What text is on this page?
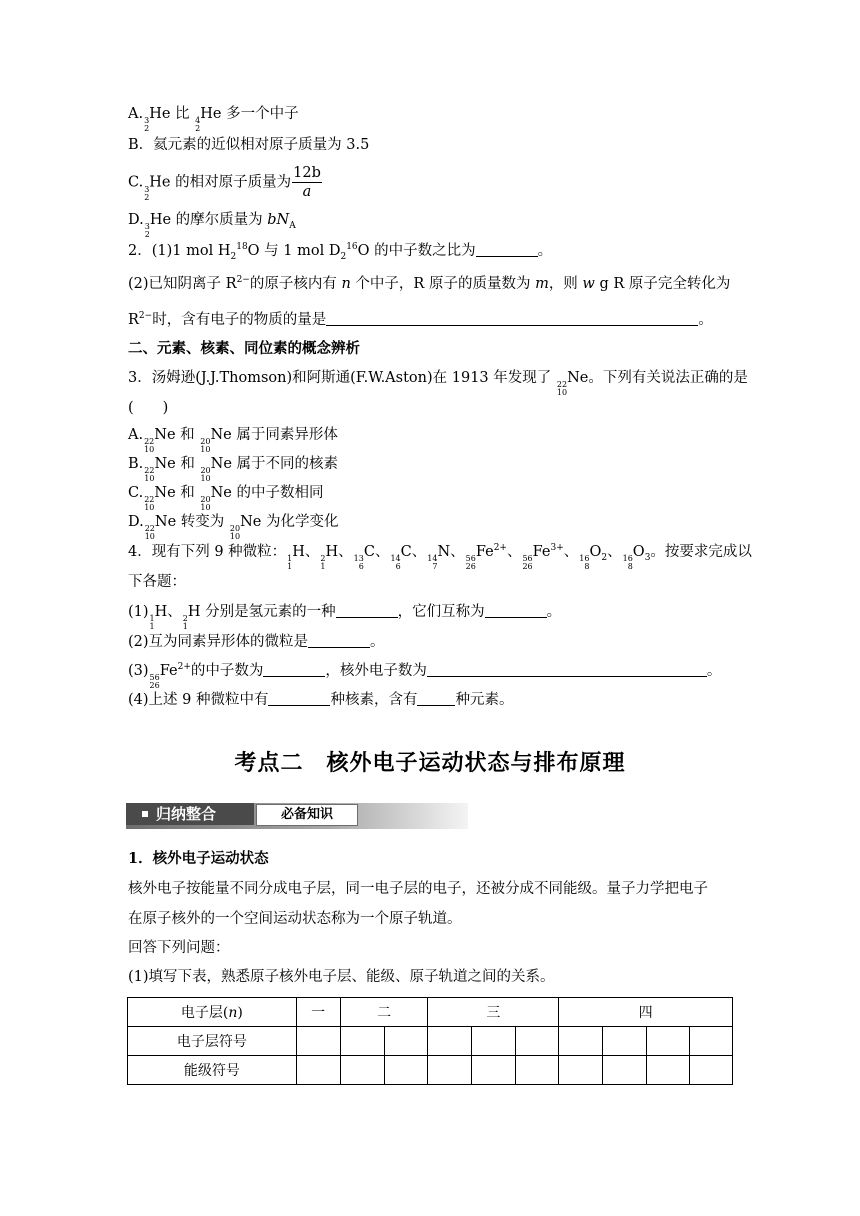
A. 3
2
He 比 4
2
He 多一个中子
B．氦元素的近似相对原子质量为 3.5
C. 3
2
He 的相对原子质量为 $\frac{12b}{a}$
D. 3
2
He 的摩尔质量为 $bN_A$
2．(1)1 mol $H_2^{18}O$ 与 1 mol $D_2^{16}O$ 的中子数之比为	。
(2)已知阴离子 $R^{2-}$的原子核内有 n 个中子，R 原子的质量数为 m，则 w g R 原子完全转化为
$R^{2-}$时，含有电子的物质的量是	。
二、元素、核素、同位素的概念辨析
3．汤姆逊(J.J.Thomson)和阿斯通(F.W.Aston)在 1913 年发现了 22
10
Ne。下列有关说法正确的是
(　　)
A. 22
10
Ne 和 20
10
Ne 属于同素异形体
B. 22
10
Ne 和 20
10
Ne 属于不同的核素
C. 22
10
Ne 和 20
10
Ne 的中子数相同
D. 22
10
Ne 转变为 20
10
Ne 为化学变化
4．现有下列 9 种微粒： 1
1
H、 2
1
H、 13
6
C、 14
6
C、 14
7
N、 56
26
$Fe^{2+}$、 56
26
$Fe^{3+}$、 16
8
$O_2$、 16
8
$O_3$。按要求完成以
下各题：
(1) 1
1
H、 2
1
H 分别是氢元素的一种	，它们互称为	。
(2)互为同素异形体的微粒是	。
(3) 56
26
$Fe^{2+}$的中子数为	，核外电子数为	。
(4)上述 9 种微粒中有	种核素，含有	种元素。
考点二　核外电子运动状态与排布原理
归纳整合	必备知识
1．核外电子运动状态
核外电子按能量不同分成电子层，同一电子层的电子，还被分成不同能级。量子力学把电子
在原子核外的一个空间运动状态称为一个原子轨道。
回答下列问题：
(1)填写下表，熟悉原子核外电子层、能级、原子轨道之间的关系。
电子层(n)	一	二		三			四			
电子层符号										
能级符号										
